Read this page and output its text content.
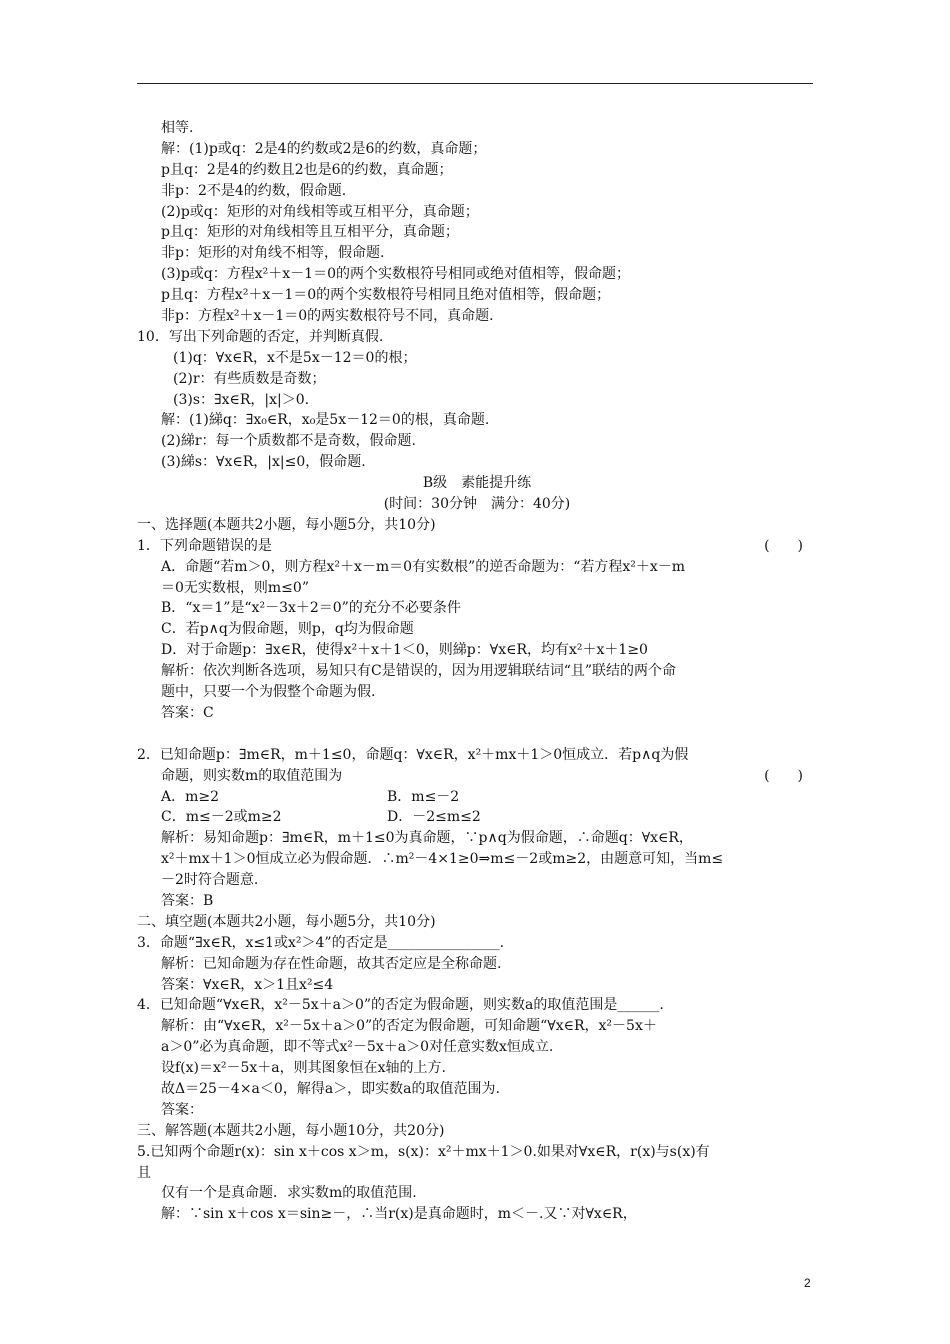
相等.
解：(1)p或q：2是4的约数或2是6的约数，真命题；
p且q：2是4的约数且2也是6的约数，真命题；
非p：2不是4的约数，假命题.
(2)p或q：矩形的对角线相等或互相平分，真命题；
p且q：矩形的对角线相等且互相平分，真命题；
非p：矩形的对角线不相等，假命题.
(3)p或q：方程x²＋x－1＝0的两个实数根符号相同或绝对值相等，假命题；
p且q：方程x²＋x－1＝0的两个实数根符号相同且绝对值相等，假命题；
非p：方程x²＋x－1＝0的两实数根符号不同，真命题.
10．写出下列命题的否定，并判断真假.
(1)q：∀x∈R，x不是5x－12＝0的根；
(2)r：有些质数是奇数；
(3)s：∃x∈R，|x|＞0.
解：(1)綈q：∃x₀∈R，x₀是5x－12＝0的根，真命题.
(2)綈r：每一个质数都不是奇数，假命题.
(3)綈s：∀x∈R，|x|≤0，假命题.
B级　素能提升练
(时间：30分钟　满分：40分)
一、选择题(本题共2小题，每小题5分，共10分)
1．下列命题错误的是	(　　)
A．命题“若m＞0，则方程x²＋x－m＝0有实数根”的逆否命题为：“若方程x²＋x－m
＝0无实数根，则m≤0”
B．“x＝1”是“x²－3x＋2＝0”的充分不必要条件
C．若p∧q为假命题，则p，q均为假命题
D．对于命题p：∃x∈R，使得x²＋x＋1＜0，则綈p：∀x∈R，均有x²＋x＋1≥0
解析：依次判断各选项，易知只有C是错误的，因为用逻辑联结词“且”联结的两个命
题中，只要一个为假整个命题为假.
答案：C
2．已知命题p：∃m∈R，m＋1≤0，命题q：∀x∈R，x²＋mx＋1＞0恒成立．若p∧q为假
命题，则实数m的取值范围为	(　　)
A．m≥2	B．m≤－2
C．m≤－2或m≥2	D．－2≤m≤2
解析：易知命题p：∃m∈R，m＋1≤0为真命题，∵p∧q为假命题，∴命题q：∀x∈R，
x²＋mx＋1＞0恒成立必为假命题．∴m²－4×1≥0⇒m≤－2或m≥2，由题意可知，当m≤
－2时符合题意.
答案：B
二、填空题(本题共2小题，每小题5分，共10分)
3．命题“∃x∈R，x≤1或x²＞4”的否定是________________.
解析：已知命题为存在性命题，故其否定应是全称命题.
答案：∀x∈R，x＞1且x²≤4
4．已知命题“∀x∈R，x²－5x＋a＞0”的否定为假命题，则实数a的取值范围是______.
解析：由“∀x∈R，x²－5x＋a＞0”的否定为假命题，可知命题“∀x∈R，x²－5x＋
a＞0”必为真命题，即不等式x²－5x＋a＞0对任意实数x恒成立.
设f(x)＝x²－5x＋a，则其图象恒在x轴的上方.
故Δ＝25－4×a＜0，解得a＞，即实数a的取值范围为.
答案：
三、解答题(本题共2小题，每小题10分，共20分)
5.已知两个命题r(x)：sin x＋cos x＞m，s(x)：x²＋mx＋1＞0.如果对∀x∈R，r(x)与s(x)有
且
仅有一个是真命题．求实数m的取值范围.
解：∵sin x＋cos x＝sin≥－，∴当r(x)是真命题时，m＜－.又∵对∀x∈R，
2
